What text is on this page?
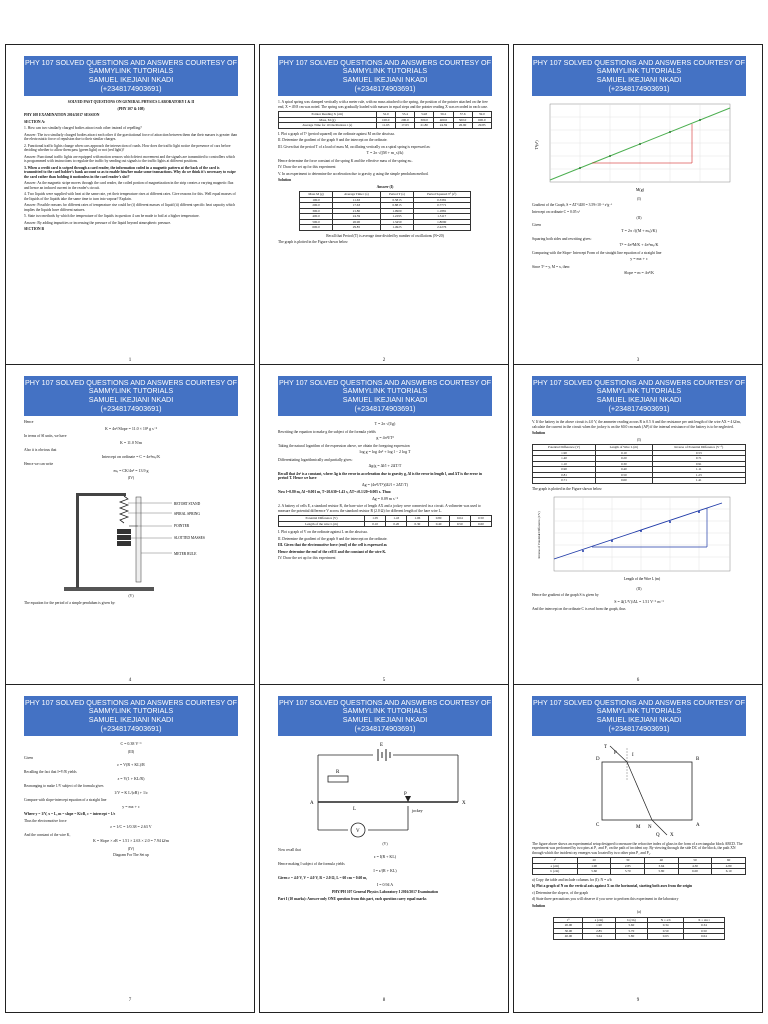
PHY 107 SOLVED QUESTIONS AND ANSWERS COURTESY OF
SAMMYLINK TUTORIALS
SAMUEL IKEJIANI NKADI
(+2348174903691)

SOLVED PAST QUESTIONS ON GENERAL PHYSICS LABORATORY I & II

(PHY 107 & 108)

PHY 108 EXAMINATION 2016/2017 SESSION

SECTION A:

1. How can two similarly charged bodies attract each other instead of repelling?

Answer: The two similarly charged bodies attract each other if the gravitational force of attraction between them due their masses is greater than the electrostatic force of repulsion due to their similar charges.

2. Functional traffic lights change when cars approach the intersection of roads. How does the traffic light notice the presence of cars before deciding whether to allow them pass (green light) or not (red light)?

Answer: Functional traffic lights are equipped with motion sensors which detect movement and the signals are transmitted to controllers which is programmed with instructions to regulate the traffic by sending out signals to the traffic lights at different positions.

3. When a credit card is swiped through a card reader, the information coded in a magnetic pattern at the back of the card is transmitted to the card holder's bank account so as to enable him/her make some transactions. Why do we think it's necessary to swipe the card rather than holding it motionless in the card reader's slot?

Answer: As the magnetic stripe moves through the card reader, the coiled portion of magnetization in the strip creates a varying magnetic flux and hence an induced current in the reader's circuit.

4. Two liquids were supplied with heat at the same rate, yet their temperature rises at different rates. Give reasons for this. Well equal masses of the liquids of the liquids take the same time to turn into vapour? Explain.

Answer: Possible reasons for different rates of temperature rise could be (i) different masses of liquid (ii) different specific heat capacity which implies the liquids have different natures.

5. State two methods by which the temperature of the liquids in question 4 can be made to boil at a higher temperature.

Answer: By adding impurities or increasing the pressure of the liquid beyond atmospheric pressure.

SECTION B

1
PHY 107 SOLVED QUESTIONS AND ANSWERS COURTESY OF
SAMMYLINK TUTORIALS
SAMUEL IKEJIANI NKADI
(+2348174903691)

1. A spiral spring was clamped vertically with a meter rule, with no mass attached to the spring, the position of the pointer attached on the free end, X = 49.8 cm was noted. The spring was gradually loaded with masses in equal steps and the pointer reading X was recorded in each case.

Pointer Reading X (cm)	52.0	53.4	54.8	56.2	57.6	59.0
Mass, M (g)	100.0	200.0	300.0	400.0	500.0	600.0
Average Time for 10 Oscillations t (s)	11.63	17.63	21.80	24.59	26.90	29.85

I. Plot a graph of T² (period squared) on the ordinate against M on the abscissa.

II. Determine the gradient of the graph S and the intercept on the ordinate.

III. Given that the period T of a load of mass M, oscillating vertically on a spiral spring is expressed as:

T = 2π √((M + m_s)/k)

Hence determine the force constant of the spring K and the effective mass of the spring mₛ.

IV. Draw the set up for this experiment

V. In an experiment to determine the acceleration due to gravity g using the simple pendulum method.

Solution

Answer (I)

Mass M (g)	Average Time t (s)	Period T (s)	Period Squared T² (s²)
100.0	11.63	0.5815	0.3381
200.0	17.63	0.8815	0.7771
300.0	21.80	1.0900	1.1881
400.0	24.59	1.2295	1.5117
500.0	26.90	1.3450	1.8090
600.0	29.85	1.4925	2.2276

Recall that Period (T) is average time divided by number of oscillations (N=20)

The graph is plotted in the Figure shown below

2
PHY 107 SOLVED QUESTIONS AND ANSWERS COURTESY OF
SAMMYLINK TUTORIALS
SAMUEL IKEJIANI NKADI
(+2348174903691)
M(g)
T²(s²)

(I)

Gradient of the Graph, S = ΔT²/ΔM = 3.59×10⁻³ s²g⁻¹

Intercept on ordinate C = 0.05 s²

(II)

Given

T = 2π √((M + mₛ)/K)

Squaring both sides and rewriting gives:

T² = 4π²M/K + 4π²mₛ/K

Comparing with the Slope- Intercept Form of the straight line equation of a straight line

y = mx + c

Since T² = y, M = x, then:

Slope = m = 4π²/K
3
PHY 107 SOLVED QUESTIONS AND ANSWERS COURTESY OF
SAMMYLINK TUTORIALS
SAMUEL IKEJIANI NKADI
(+2348174903691)

Hence

K = 4π²/Slope = 11.0 × 10³ g s⁻²

In terms of SI units, we have

K = 11.0 N/m

Also it is obvious that

Intercept on ordinate = C = 4π²mₛ/K

Hence we can write

mₛ = CK/4π² = 13.9 g

(IV)

RETORT STAND
SPIRAL SPRING
POINTER
SLOTTED MASSES
METER RULE

(V)

The equation for the period of a simple pendulum is given by:

4
PHY 107 SOLVED QUESTIONS AND ANSWERS COURTESY OF
SAMMYLINK TUTORIALS
SAMUEL IKEJIANI NKADI
(+2348174903691)
T = 2π √(l/g)

Rewriting the equation to make g the subject of the formula yields

g = 4π²l/T²

Taking the natural logarithm of the expression above, we obtain the foregoing expression

log g = log 4π² + log l − 2 log T

Differentiating logarithmically and partially gives:

Δg/g = Δl/l + 2ΔT/T

Recall that 4π² is a constant, where Δg is the error in acceleration due to gravity g, Δl is the error in length l, and ΔT is the error in period T. Hence we have

Δg = (4π²l/T²)(Δl/l + 2ΔT/T)

Now l=0.80 m, Δl =0.001 m, T=20.630=1.43 s, ΔT=±0.1/20=0.005 s. Thus:

Δg = 0.09 m s⁻²

2. A battery of cells E, a standard resistor R, the bare wire of length AX and a jockey were connected in a circuit. A voltmeter was used to measure the potential difference V across the standard resistor R (2.0 Ω) for different length of the bare wire L.

Potential Difference (V)	1.05	1.43	1.06	0.80	0.64	0.50
Length of the wire L (m)	0.10	0.20	0.30	0.40	0.50	0.60

I. Plot a graph of V on the ordinate against L on the abscissa.

II. Determine the gradient of the graph S and the intercept on the ordinate.

III. Given that the electromotive force (emf) of the cell is expressed as

Hence determine the emf of the cell E and the constant of the wire K.

IV. Draw the set up for this experiment

5
PHY 107 SOLVED QUESTIONS AND ANSWERS COURTESY OF
SAMMYLINK TUTORIALS
SAMUEL IKEJIANI NKADI
(+2348174903691)

V. If the battery in the above circuit is 4.0 V, the ammeter reading across R is 0.5 A and the resistance per unit length of the wire AX = 4 Ω/m, calculate the current in the circuit when the jockey is on the 60.0 cm mark (AP) if the internal resistance of the battery is to be neglected.

Solution

(I)

Potential Difference (V)	Length of Wire L (m)	Inverse of Potential Difference (V⁻¹)
1.90	0.10	0.53
1.40	0.20	0.71
1.10	0.30	0.91
0.90	0.40	1.11
0.81	0.50	1.23
0.71	0.60	1.41

The graph is plotted in the Figure shown below

Length of the Wire L (m)
Inverse of Potential Difference (1/V)

(II)

Hence the gradient of the graph S is given by

S = Δ(1/V)/ΔL = 1.51 V⁻¹ m⁻¹

And the intercept on the ordinate C is read from the graph, thus

6
PHY 107 SOLVED QUESTIONS AND ANSWERS COURTESY OF
SAMMYLINK TUTORIALS
SAMUEL IKEJIANI NKADI
(+2348174903691)
C = 0.38 V⁻¹

(III)

Given

ε = V(R + KL)/R

Recalling the fact that I=V/R yields

ε = V(1 + KL/R)

Rearranging to make 1/V subject of the formula gives

1/V = K L/(εR) + 1/ε

Compare with slope-intercept equation of a straight line

y = mx + c

Where y = 1/V, x = L, m = slope = K/εR, c = intercept = 1/ε

Thus the electromotive force

ε = 1/C = 1/0.38 = 2.63 V

And the constant of the wire K,

K = Slope × εR = 1.51 × 2.63 × 2.0 = 7.94 Ω/m

(IV)

Diagram For The Set up

7
PHY 107 SOLVED QUESTIONS AND ANSWERS COURTESY OF
SAMMYLINK TUTORIALS
SAMUEL IKEJIANI NKADI
(+2348174903691)
E
R
A
L
P
X
V
jockey

(V)

Now recall that

ε = I(R + KL)

Hence making I subject of the formula yields

I = ε/(R + KL)

Given ε = 4.0 V, V = 4.0 V, R = 2.0 Ω, L = 60 cm = 0.60 m,

I = 0.94 A

PHY/PH 107 General Physics Laboratory I 2016/2017 Examination

Part I (10 marks): Answer only ONE question from this part, each question carry equal marks

8
PHY 107 SOLVED QUESTIONS AND ANSWERS COURTESY OF
SAMMYLINK TUTORIALS
SAMUEL IKEJIANI NKADI
(+2348174903691)
T
D
P	I
B
A
C	M N
X
Q

The figure above shows an experimental setup designed to measure the refractive index of glass in the form of a rectangular block ABCD. The experiment was performed by two pins at P₁ and P₂ on the path of incident ray. By viewing through the side DC of the block, the path XN through which the incident ray emerges was located by two other pins P₃ and P₄.

i°	20	30	40	50	60
a (cm)	1.90	2.85	3.64	4.30	4.80
b (cm)	5.60	5.70	5.80	6.00	6.10

a) Copy the table and include columns for (I): N = a/b

b) Plot a graph of N on the vertical axis against X on the horizontal, starting both axes from the origin

c) Determine the slope n, of the graph

d) State three precautions you will observe if you were to perform this experiment in the laboratory

Solution

(a)

i°	a (cm)	b (cm)	N = a/b	X = sin i
20.00	1.90	5.60	0.34	0.34
30.00	2.85	5.70	0.50	0.50
40.00	3.64	5.80	0.63	0.64
9
